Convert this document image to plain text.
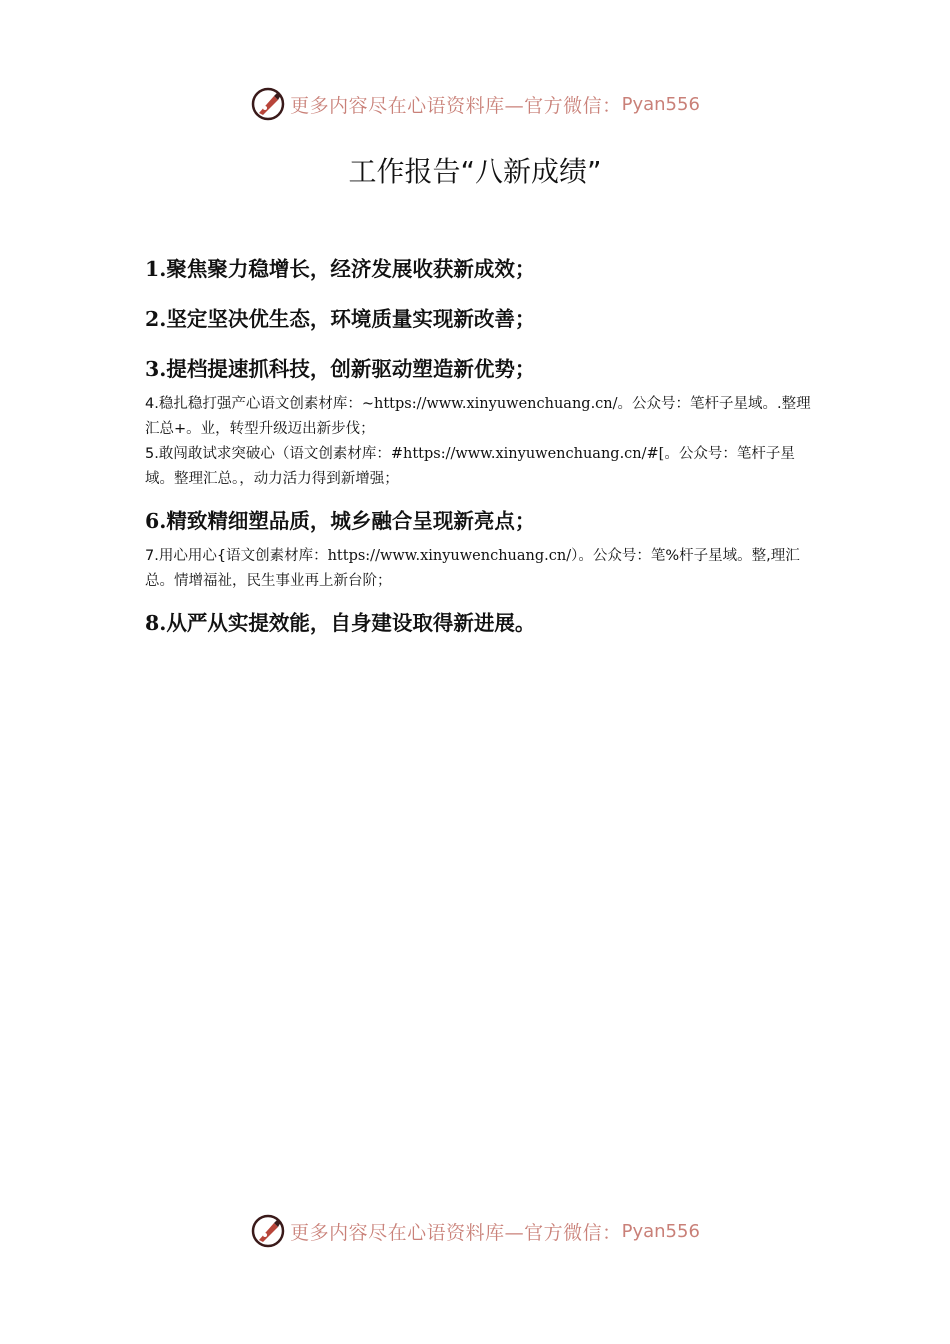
更多内容尽在心语资料库—官方微信： Pyan556
工作报告“八新成绩”

1.聚焦聚力稳增长，经济发展收获新成效；

2.坚定坚决优生态，环境质量实现新改善；

3.提档提速抓科技，创新驱动塑造新优势；

4.稳扎稳打强产心语文创素材库：~https://www.xinyuwenchuang.cn/。公众号：笔杆子星域。.整理汇总+。业，转型升级迈出新步伐；

5.敢闯敢试求突破心（语文创素材库：#https://www.xinyuwenchuang.cn/#[。公众号：笔杆子星域。整理汇总。，动力活力得到新增强；

6.精致精细塑品质，城乡融合呈现新亮点；

7.用心用心{语文创素材库：https://www.xinyuwenchuang.cn/）。公众号：笔%杆子星域。整,理汇总。情增福祉，民生事业再上新台阶；

8.从严从实提效能，自身建设取得新进展。

更多内容尽在心语资料库—官方微信： Pyan556
